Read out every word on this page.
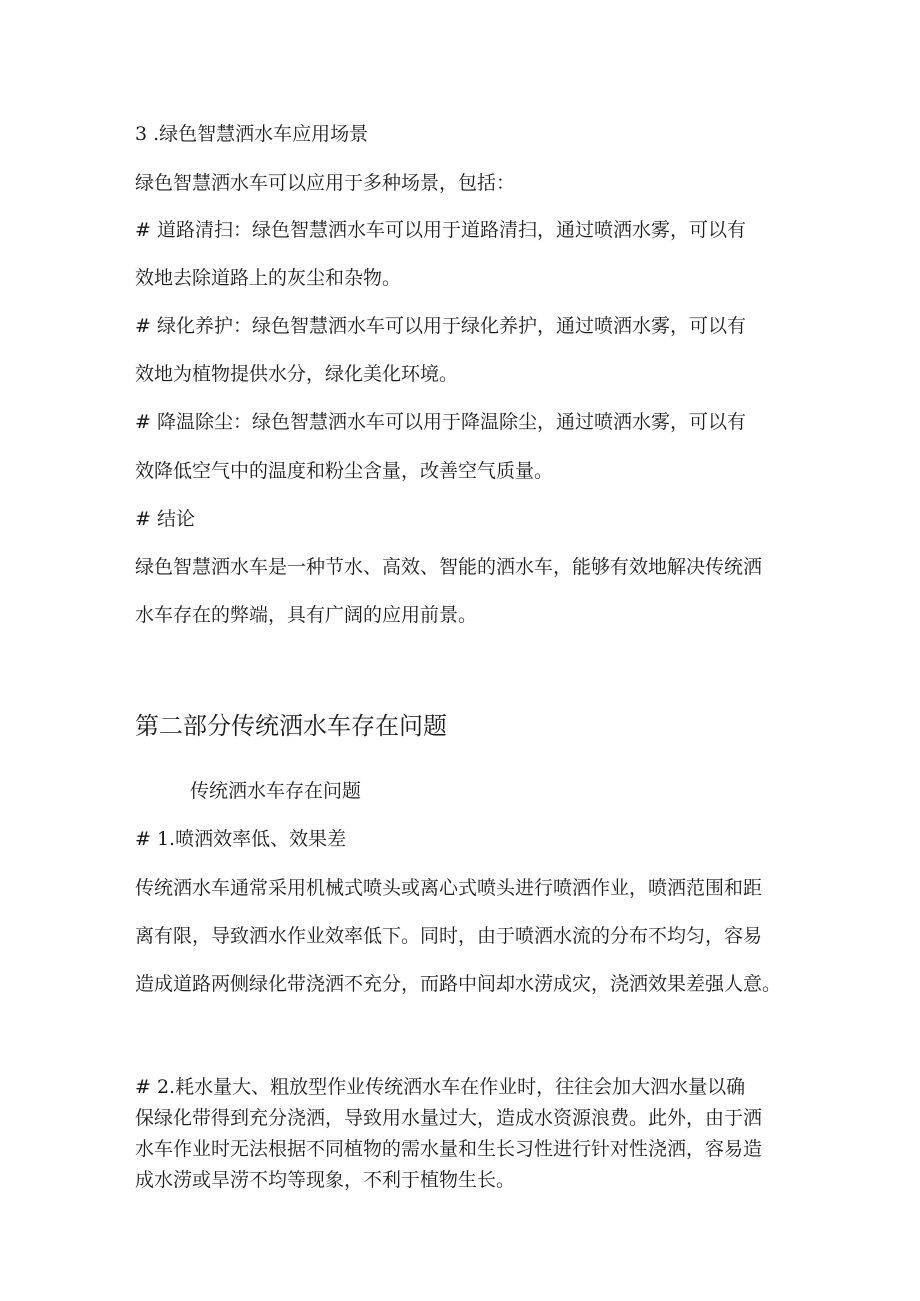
3 .绿色智慧洒水车应用场景
绿色智慧洒水车可以应用于多种场景，包括：
# 道路清扫：绿色智慧洒水车可以用于道路清扫，通过喷洒水雾，可以有
效地去除道路上的灰尘和杂物。
# 绿化养护：绿色智慧洒水车可以用于绿化养护，通过喷洒水雾，可以有
效地为植物提供水分，绿化美化环境。
# 降温除尘：绿色智慧洒水车可以用于降温除尘，通过喷洒水雾，可以有
效降低空气中的温度和粉尘含量，改善空气质量。
# 结论
绿色智慧洒水车是一种节水、高效、智能的洒水车，能够有效地解决传统洒
水车存在的弊端，具有广阔的应用前景。
第二部分传统洒水车存在问题
传统洒水车存在问题
# 1.喷洒效率低、效果差
传统洒水车通常采用机械式喷头或离心式喷头进行喷洒作业，喷洒范围和距
离有限，导致洒水作业效率低下。同时，由于喷洒水流的分布不均匀，容易
造成道路两侧绿化带浇洒不充分，而路中间却水涝成灾，浇洒效果差强人意。
# 2.耗水量大、粗放型作业传统洒水车在作业时，往往会加大泗水量以确
保绿化带得到充分浇洒，导致用水量过大，造成水资源浪费。此外，由于洒
水车作业时无法根据不同植物的需水量和生长习性进行针对性浇洒，容易造
成水涝或旱涝不均等现象，不利于植物生长。
